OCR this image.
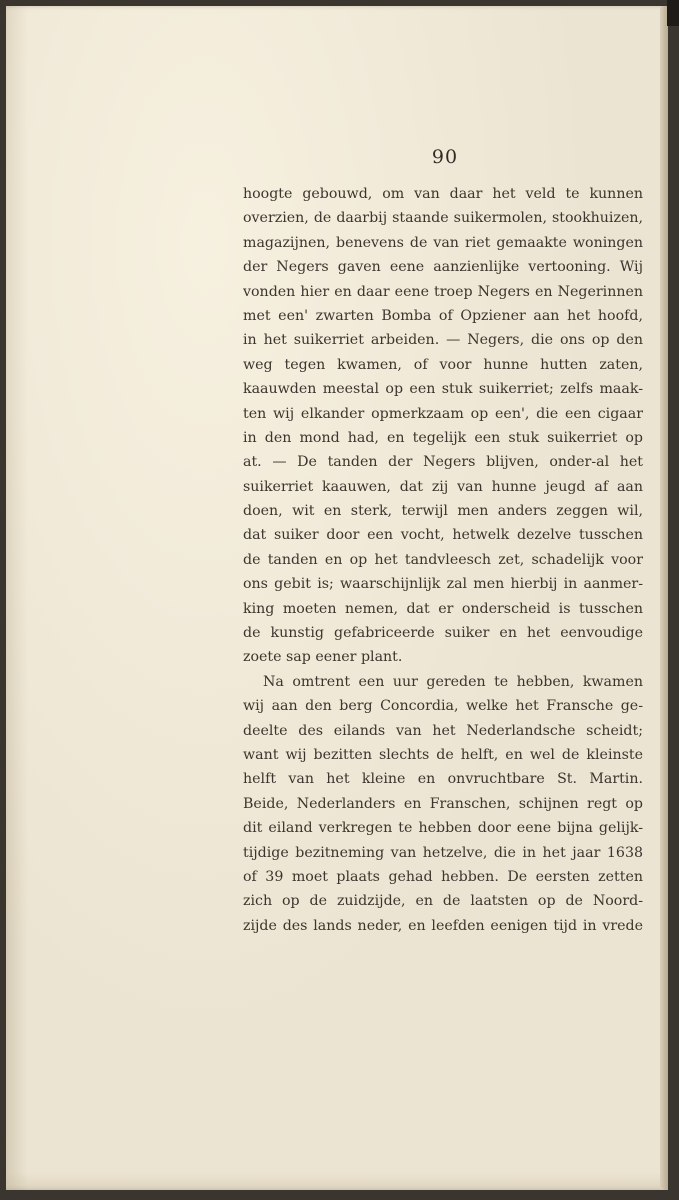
90
hoogte gebouwd, om van daar het veld te kunnen
overzien, de daarbij staande suikermolen, stookhuizen,
magazijnen, benevens de van riet gemaakte woningen
der Negers gaven eene aanzienlijke vertooning. Wij
vonden hier en daar eene troep Negers en Negerinnen
met een' zwarten Bomba of Opziener aan het hoofd,
in het suikerriet arbeiden. — Negers, die ons op den
weg tegen kwamen, of voor hunne hutten zaten,
kaauwden meestal op een stuk suikerriet; zelfs maak-
ten wij elkander opmerkzaam op een', die een cigaar
in den mond had, en tegelijk een stuk suikerriet op
at. — De tanden der Negers blijven, onder-al het
suikerriet kaauwen, dat zij van hunne jeugd af aan
doen, wit en sterk, terwijl men anders zeggen wil,
dat suiker door een vocht, hetwelk dezelve tusschen
de tanden en op het tandvleesch zet, schadelijk voor
ons gebit is; waarschijnlijk zal men hierbij in aanmer-
king moeten nemen, dat er onderscheid is tusschen
de kunstig gefabriceerde suiker en het eenvoudige
zoete sap eener plant.
Na omtrent een uur gereden te hebben, kwamen
wij aan den berg Concordia, welke het Fransche ge-
deelte des eilands van het Nederlandsche scheidt;
want wij bezitten slechts de helft, en wel de kleinste
helft van het kleine en onvruchtbare St. Martin.
Beide, Nederlanders en Franschen, schijnen regt op
dit eiland verkregen te hebben door eene bijna gelijk-
tijdige bezitneming van hetzelve, die in het jaar 1638
of 39 moet plaats gehad hebben. De eersten zetten
zich op de zuidzijde, en de laatsten op de Noord-
zijde des lands neder, en leefden eenigen tijd in vrede
